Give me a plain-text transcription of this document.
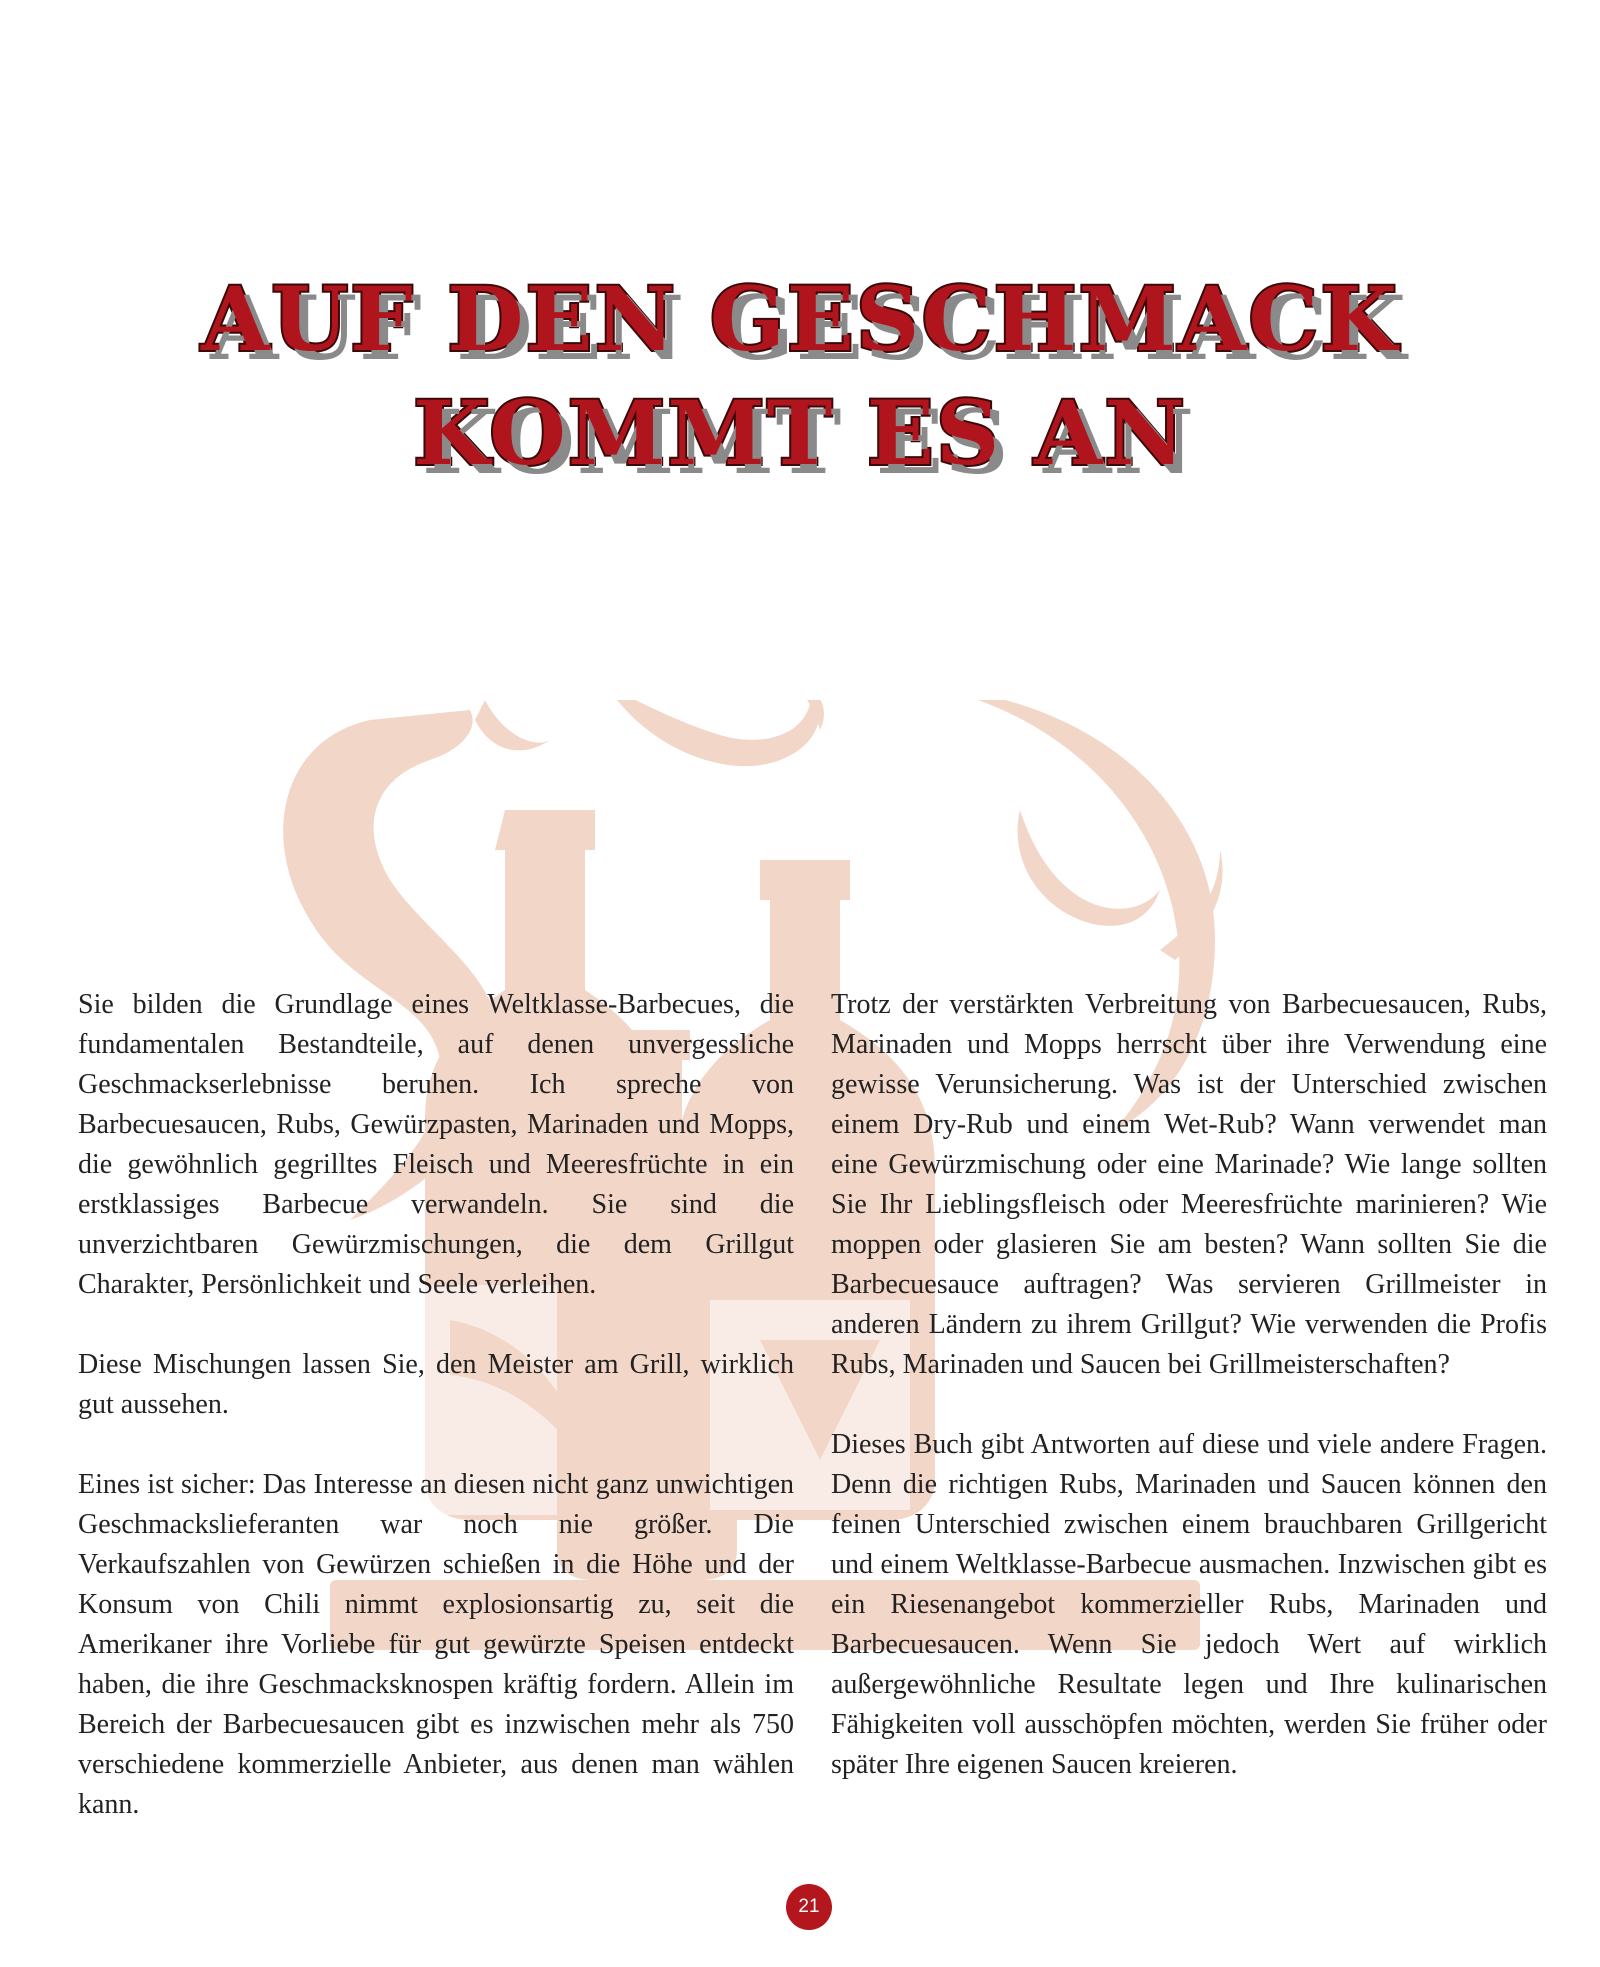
AUF DEN GESCHMACK
KOMMT ES AN

Sie bilden die Grundlage eines Weltklasse-Barbecues, die fundamentalen Bestandteile, auf denen unvergessliche Geschmackserlebnisse beruhen. Ich spreche von Barbecuesaucen, Rubs, Gewürzpasten, Marinaden und Mopps, die gewöhnlich gegrilltes Fleisch und Meeresfrüchte in ein erstklassiges Barbecue verwandeln. Sie sind die unverzichtbaren Gewürzmischungen, die dem Grillgut Charakter, Persönlichkeit und Seele verleihen.

Diese Mischungen lassen Sie, den Meister am Grill, wirklich gut aussehen.

Eines ist sicher: Das Interesse an diesen nicht ganz unwichtigen Geschmackslieferanten war noch nie größer. Die Verkaufszahlen von Gewürzen schießen in die Höhe und der Konsum von Chili nimmt explosionsartig zu, seit die Amerikaner ihre Vorliebe für gut gewürzte Speisen entdeckt haben, die ihre Geschmacksknospen kräftig fordern. Allein im Bereich der Barbecuesaucen gibt es inzwischen mehr als 750 verschiedene kommerzielle Anbieter, aus denen man wählen kann.

Trotz der verstärkten Verbreitung von Barbecuesaucen, Rubs, Marinaden und Mopps herrscht über ihre Verwendung eine gewisse Verunsicherung. Was ist der Unterschied zwischen einem Dry-Rub und einem Wet-Rub? Wann verwendet man eine Gewürzmischung oder eine Marinade? Wie lange sollten Sie Ihr Lieblingsfleisch oder Meeresfrüchte marinieren? Wie moppen oder glasieren Sie am besten? Wann sollten Sie die Barbecuesauce auftragen? Was servieren Grillmeister in anderen Ländern zu ihrem Grillgut? Wie verwenden die Profis Rubs, Marinaden und Saucen bei Grillmeisterschaften?

Dieses Buch gibt Antworten auf diese und viele andere Fragen. Denn die richtigen Rubs, Marinaden und Saucen können den feinen Unterschied zwischen einem brauchbaren Grillgericht und einem Weltklasse-Barbecue ausmachen. Inzwischen gibt es ein Riesenangebot kommerzieller Rubs, Marinaden und Barbecuesaucen. Wenn Sie jedoch Wert auf wirklich außergewöhnliche Resultate legen und Ihre kulinarischen Fähigkeiten voll ausschöpfen möchten, werden Sie früher oder später Ihre eigenen Saucen kreieren.

21
